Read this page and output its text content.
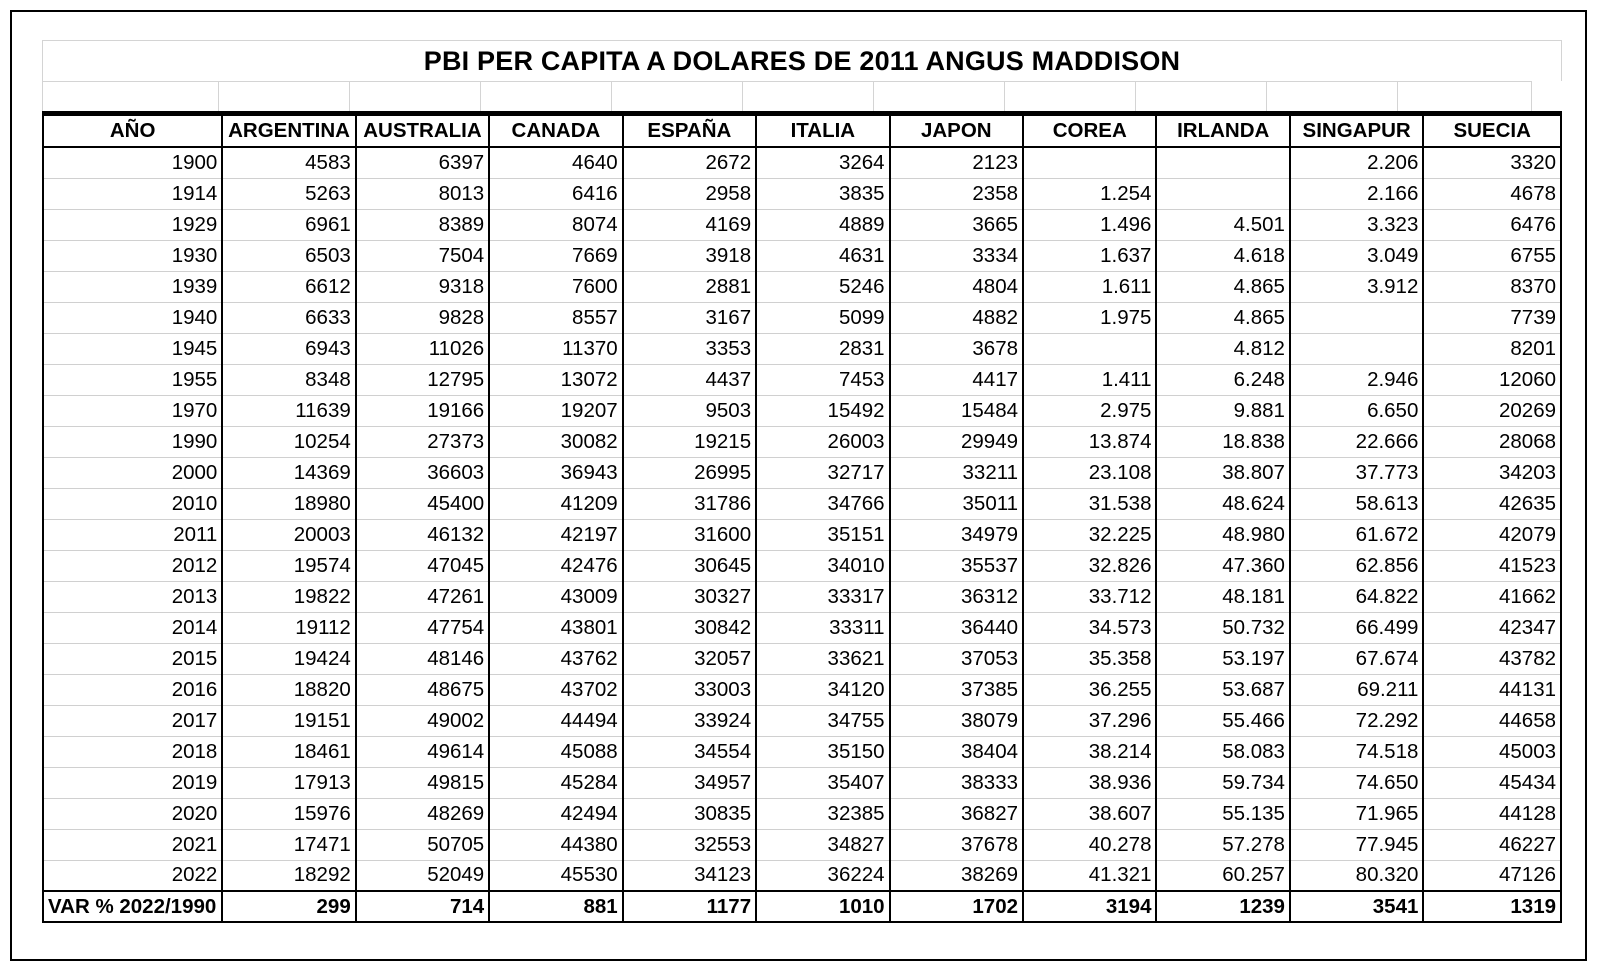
PBI PER CAPITA A DOLARES DE 2011 ANGUS MADDISON
AÑO	ARGENTINA	AUSTRALIA	CANADA	ESPAÑA	ITALIA	JAPON	COREA	IRLANDA	SINGAPUR	SUECIA
1900	4583	6397	4640	2672	3264	2123			2.206	3320
1914	5263	8013	6416	2958	3835	2358	1.254		2.166	4678
1929	6961	8389	8074	4169	4889	3665	1.496	4.501	3.323	6476
1930	6503	7504	7669	3918	4631	3334	1.637	4.618	3.049	6755
1939	6612	9318	7600	2881	5246	4804	1.611	4.865	3.912	8370
1940	6633	9828	8557	3167	5099	4882	1.975	4.865		7739
1945	6943	11026	11370	3353	2831	3678		4.812		8201
1955	8348	12795	13072	4437	7453	4417	1.411	6.248	2.946	12060
1970	11639	19166	19207	9503	15492	15484	2.975	9.881	6.650	20269
1990	10254	27373	30082	19215	26003	29949	13.874	18.838	22.666	28068
2000	14369	36603	36943	26995	32717	33211	23.108	38.807	37.773	34203
2010	18980	45400	41209	31786	34766	35011	31.538	48.624	58.613	42635
2011	20003	46132	42197	31600	35151	34979	32.225	48.980	61.672	42079
2012	19574	47045	42476	30645	34010	35537	32.826	47.360	62.856	41523
2013	19822	47261	43009	30327	33317	36312	33.712	48.181	64.822	41662
2014	19112	47754	43801	30842	33311	36440	34.573	50.732	66.499	42347
2015	19424	48146	43762	32057	33621	37053	35.358	53.197	67.674	43782
2016	18820	48675	43702	33003	34120	37385	36.255	53.687	69.211	44131
2017	19151	49002	44494	33924	34755	38079	37.296	55.466	72.292	44658
2018	18461	49614	45088	34554	35150	38404	38.214	58.083	74.518	45003
2019	17913	49815	45284	34957	35407	38333	38.936	59.734	74.650	45434
2020	15976	48269	42494	30835	32385	36827	38.607	55.135	71.965	44128
2021	17471	50705	44380	32553	34827	37678	40.278	57.278	77.945	46227
2022	18292	52049	45530	34123	36224	38269	41.321	60.257	80.320	47126
VAR % 2022/1990	299	714	881	1177	1010	1702	3194	1239	3541	1319
